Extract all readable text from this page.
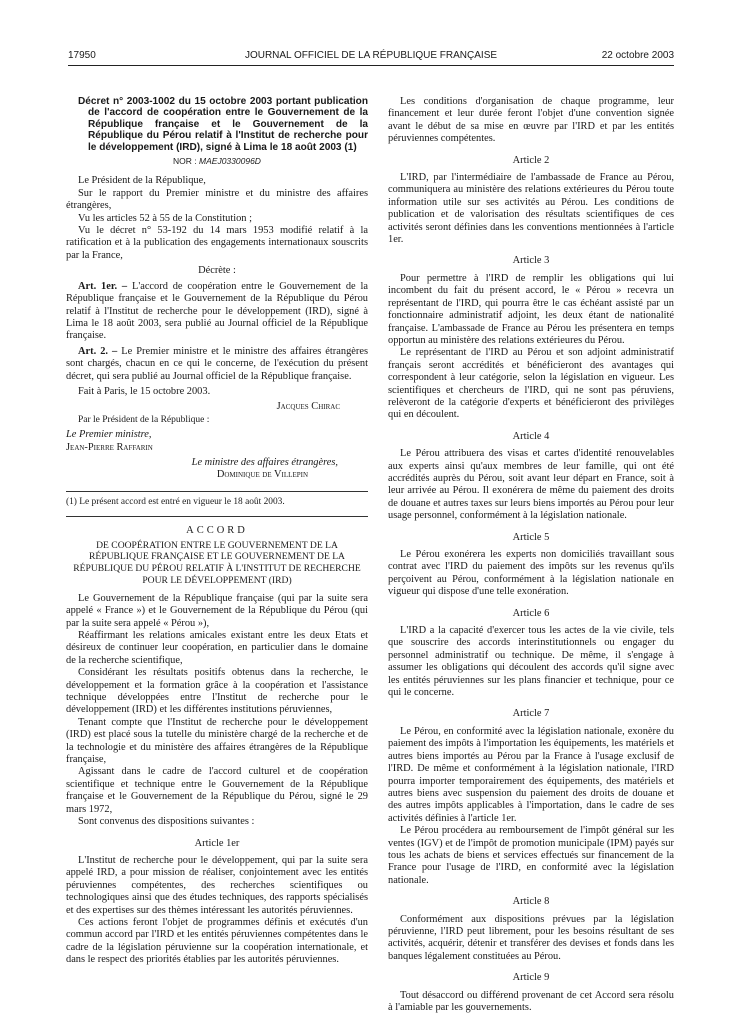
17950	JOURNAL OFFICIEL DE LA RÉPUBLIQUE FRANÇAISE	22 octobre 2003

Décret n° 2003-1002 du 15 octobre 2003 portant publication de l'accord de coopération entre le Gouvernement de la République française et le Gouvernement de la République du Pérou relatif à l'Institut de recherche pour le développement (IRD), signé à Lima le 18 août 2003 (1)

NOR : MAEJ0330096D

Le Président de la République,

Sur le rapport du Premier ministre et du ministre des affaires étrangères,

Vu les articles 52 à 55 de la Constitution ;

Vu le décret n° 53-192 du 14 mars 1953 modifié relatif à la ratification et à la publication des engagements internationaux souscrits par la France,

Décrète :

Art. 1er. – L'accord de coopération entre le Gouvernement de la République française et le Gouvernement de la République du Pérou relatif à l'Institut de recherche pour le développement (IRD), signé à Lima le 18 août 2003, sera publié au Journal officiel de la République française.

Art. 2. – Le Premier ministre et le ministre des affaires étrangères sont chargés, chacun en ce qui le concerne, de l'exécution du présent décret, qui sera publié au Journal officiel de la République française.

Fait à Paris, le 15 octobre 2003.

Jacques Chirac

Par le Président de la République :

Le Premier ministre,

Jean-Pierre Raffarin

Le ministre des affaires étrangères,

Dominique de Villepin

(1) Le présent accord est entré en vigueur le 18 août 2003.

ACCORD

DE COOPÉRATION ENTRE LE GOUVERNEMENT DE LA RÉPUBLIQUE FRANÇAISE ET LE GOUVERNEMENT DE LA RÉPUBLIQUE DU PÉROU RELATIF À L'INSTITUT DE RECHERCHE POUR LE DÉVELOPPEMENT (IRD)

Le Gouvernement de la République française (qui par la suite sera appelé « France ») et le Gouvernement de la République du Pérou (qui par la suite sera appelé « Pérou »),

Réaffirmant les relations amicales existant entre les deux Etats et désireux de continuer leur coopération, en particulier dans le domaine de la recherche scientifique,

Considérant les résultats positifs obtenus dans la recherche, le développement et la formation grâce à la coopération et l'assistance technique développées entre l'Institut de recherche pour le développement (IRD) et les différentes institutions péruviennes,

Tenant compte que l'Institut de recherche pour le développement (IRD) est placé sous la tutelle du ministère chargé de la recherche et de la technologie et du ministère des affaires étrangères de la République française,

Agissant dans le cadre de l'accord culturel et de coopération scientifique et technique entre le Gouvernement de la République française et le Gouvernement de la République du Pérou, signé le 29 mars 1972,

Sont convenus des dispositions suivantes :

Article 1er

L'Institut de recherche pour le développement, qui par la suite sera appelé IRD, a pour mission de réaliser, conjointement avec les entités péruviennes compétentes, des recherches scientifiques ou technologiques ainsi que des études techniques, des rapports spécialisés et des expertises sur des thèmes intéressant les autorités péruviennes.

Ces actions feront l'objet de programmes définis et exécutés d'un commun accord par l'IRD et les entités péruviennes compétentes dans le cadre de la législation péruvienne sur la coopération internationale, et dans le respect des priorités établies par les autorités péruviennes.

Les conditions d'organisation de chaque programme, leur financement et leur durée feront l'objet d'une convention signée avant le début de sa mise en œuvre par l'IRD et par les entités péruviennes compétentes.

Article 2

L'IRD, par l'intermédiaire de l'ambassade de France au Pérou, communiquera au ministère des relations extérieures du Pérou toute information utile sur ses activités au Pérou. Les conditions de publication et de valorisation des résultats scientifiques de ces activités seront définies dans les conventions mentionnées à l'article 1er.

Article 3

Pour permettre à l'IRD de remplir les obligations qui lui incombent du fait du présent accord, le « Pérou » recevra un représentant de l'IRD, qui pourra être le cas échéant assisté par un fonctionnaire administratif adjoint, les deux étant de nationalité française. L'ambassade de France au Pérou les présentera en temps opportun au ministère des relations extérieures du Pérou.

Le représentant de l'IRD au Pérou et son adjoint administratif français seront accrédités et bénéficieront des avantages qui correspondent à leur catégorie, selon la législation en vigueur. Les scientifiques et chercheurs de l'IRD, qui ne sont pas péruviens, relèveront de la catégorie d'experts et bénéficieront des privilèges qui en découlent.

Article 4

Le Pérou attribuera des visas et cartes d'identité renouvelables aux experts ainsi qu'aux membres de leur famille, qui ont été accrédités auprès du Pérou, soit avant leur départ en France, soit à leur arrivée au Pérou. Il exonérera de même du paiement des droits de douane et autres taxes sur leurs biens importés au Pérou pour leur usage personnel, conformément à la législation nationale.

Article 5

Le Pérou exonérera les experts non domiciliés travaillant sous contrat avec l'IRD du paiement des impôts sur les revenus qu'ils perçoivent au Pérou, conformément à la législation nationale en vigueur qui dispose d'une telle exonération.

Article 6

L'IRD a la capacité d'exercer tous les actes de la vie civile, tels que souscrire des accords interinstitutionnels ou engager du personnel administratif ou technique. De même, il s'engage à assumer les obligations qui découlent des accords qu'il signe avec les entités péruviennes sur les plans financier et technique, pour ce qui le concerne.

Article 7

Le Pérou, en conformité avec la législation nationale, exonère du paiement des impôts à l'importation les équipements, les matériels et autres biens importés au Pérou par la France à l'usage exclusif de l'IRD. De même et conformément à la législation nationale, l'IRD pourra importer temporairement des équipements, des matériels et autres biens avec suspension du paiement des droits de douane et des autres impôts applicables à l'importation, dans le cadre de ses activités définies à l'article 1er.

Le Pérou procédera au remboursement de l'impôt général sur les ventes (IGV) et de l'impôt de promotion municipale (IPM) payés sur tous les achats de biens et services effectués sur financement de la France pour l'usage de l'IRD, en conformité avec la législation nationale.

Article 8

Conformément aux dispositions prévues par la législation péruvienne, l'IRD peut librement, pour les besoins résultant de ses activités, acquérir, détenir et transférer des devises et fonds dans les banques légalement constituées au Pérou.

Article 9

Tout désaccord ou différend provenant de cet Accord sera résolu à l'amiable par les gouvernements.
